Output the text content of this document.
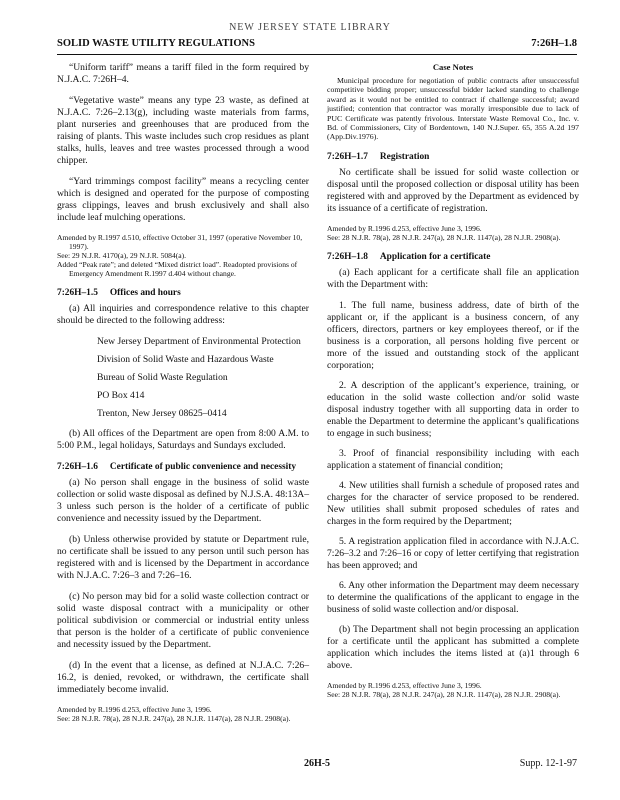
NEW JERSEY STATE LIBRARY
SOLID WASTE UTILITY REGULATIONS	7:26H–1.8

“Uniform tariff” means a tariff filed in the form required by N.J.A.C. 7:26H–4.

“Vegetative waste” means any type 23 waste, as defined at N.J.A.C. 7:26–2.13(g), including waste materials from farms, plant nurseries and greenhouses that are produced from the raising of plants. This waste includes such crop residues as plant stalks, hulls, leaves and tree wastes processed through a wood chipper.

“Yard trimmings compost facility” means a recycling center which is designed and operated for the purpose of composting grass clippings, leaves and brush exclusively and shall also include leaf mulching operations.

Amended by R.1997 d.510, effective October 31, 1997 (operative November 10, 1997).
See: 29 N.J.R. 4170(a), 29 N.J.R. 5084(a).
Added “Peak rate”; and deleted “Mixed district load”. Readopted provisions of Emergency Amendment R.1997 d.404 without change.
7:26H–1.5 Offices and hours

(a) All inquiries and correspondence relative to this chapter should be directed to the following address:

New Jersey Department of Environmental Protection
Division of Solid Waste and Hazardous Waste
Bureau of Solid Waste Regulation
PO Box 414
Trenton, New Jersey 08625–0414

(b) All offices of the Department are open from 8:00 A.M. to 5:00 P.M., legal holidays, Saturdays and Sundays excluded.

7:26H–1.6 Certificate of public convenience and necessity

(a) No person shall engage in the business of solid waste collection or solid waste disposal as defined by N.J.S.A. 48:13A–3 unless such person is the holder of a certificate of public convenience and necessity issued by the Department.

(b) Unless otherwise provided by statute or Department rule, no certificate shall be issued to any person until such person has registered with and is licensed by the Department in accordance with N.J.A.C. 7:26–3 and 7:26–16.

(c) No person may bid for a solid waste collection contract or solid waste disposal contract with a municipality or other political subdivision or commercial or industrial entity unless that person is the holder of a certificate of public convenience and necessity issued by the Department.

(d) In the event that a license, as defined at N.J.A.C. 7:26–16.2, is denied, revoked, or withdrawn, the certificate shall immediately become invalid.

Amended by R.1996 d.253, effective June 3, 1996.
See: 28 N.J.R. 78(a), 28 N.J.R. 247(a), 28 N.J.R. 1147(a), 28 N.J.R. 2908(a).
Case Notes
Municipal procedure for negotiation of public contracts after unsuccessful competitive bidding proper; unsuccessful bidder lacked standing to challenge award as it would not be entitled to contract if challenge successful; award justified; contention that contractor was morally irresponsible due to lack of PUC Certificate was patently frivolous. Interstate Waste Removal Co., Inc. v. Bd. of Commissioners, City of Bordentown, 140 N.J.Super. 65, 355 A.2d 197 (App.Div.1976).
7:26H–1.7 Registration

No certificate shall be issued for solid waste collection or disposal until the proposed collection or disposal utility has been registered with and approved by the Department as evidenced by its issuance of a certificate of registration.

Amended by R.1996 d.253, effective June 3, 1996.
See: 28 N.J.R. 78(a), 28 N.J.R. 247(a), 28 N.J.R. 1147(a), 28 N.J.R. 2908(a).
7:26H–1.8 Application for a certificate

(a) Each applicant for a certificate shall file an application with the Department with:

1. The full name, business address, date of birth of the applicant or, if the applicant is a business concern, of any officers, directors, partners or key employees thereof, or if the business is a corporation, all persons holding five percent or more of the issued and outstanding stock of the applicant corporation;

2. A description of the applicant’s experience, training, or education in the solid waste collection and/or solid waste disposal industry together with all supporting data in order to enable the Department to determine the applicant’s qualifications to engage in such business;

3. Proof of financial responsibility including with each application a statement of financial condition;

4. New utilities shall furnish a schedule of proposed rates and charges for the character of service proposed to be rendered. New utilities shall submit proposed schedules of rates and charges in the form required by the Department;

5. A registration application filed in accordance with N.J.A.C. 7:26–3.2 and 7:26–16 or copy of letter certifying that registration has been approved; and

6. Any other information the Department may deem necessary to determine the qualifications of the applicant to engage in the business of solid waste collection and/or disposal.

(b) The Department shall not begin processing an application for a certificate until the applicant has submitted a complete application which includes the items listed at (a)1 through 6 above.

Amended by R.1996 d.253, effective June 3, 1996.
See: 28 N.J.R. 78(a), 28 N.J.R. 247(a), 28 N.J.R. 1147(a), 28 N.J.R. 2908(a).
26H-5	Supp. 12-1-97
